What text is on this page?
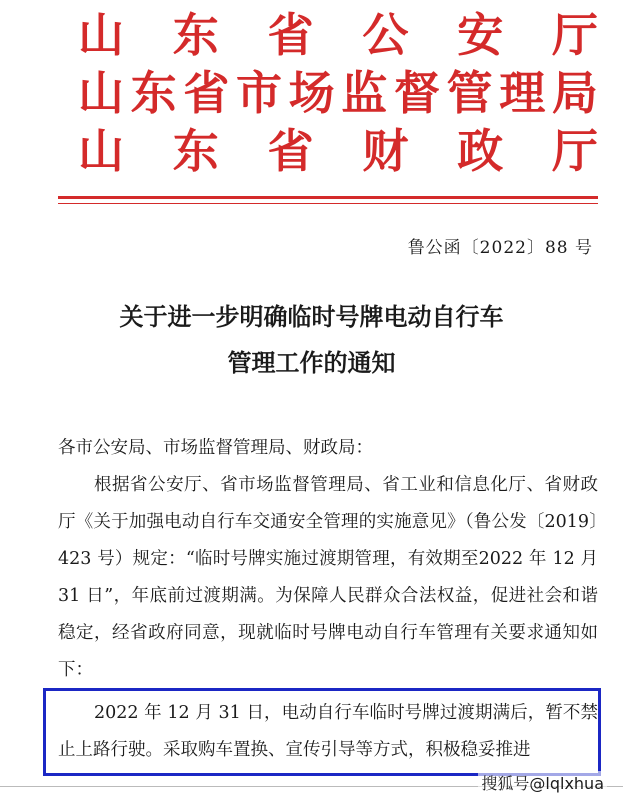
山 东 省 公 安 厅
山 东 省 市 场 监 督 管 理 局
山 东 省 财 政 厅
鲁公函〔2022〕88 号
关于进一步明确临时号牌电动自行车
管理工作的通知

各市公安局、市场监督管理局、财政局：

根据省公安厅、省市场监督管理局、省工业和信息化厅、省财政厅《关于加强电动自行车交通安全管理的实施意见》（鲁公发〔2019〕423 号）规定：“临时号牌实施过渡期管理，有效期至2022 年 12 月 31 日”，年底前过渡期满。为保障人民群众合法权益，促进社会和谐稳定，经省政府同意，现就临时号牌电动自行车管理有关要求通知如下：

2022 年 12 月 31 日，电动自行车临时号牌过渡期满后，暂不禁止上路行驶。采取购车置换、宣传引导等方式，积极稳妥推进

搜狐号@lqlxhua
